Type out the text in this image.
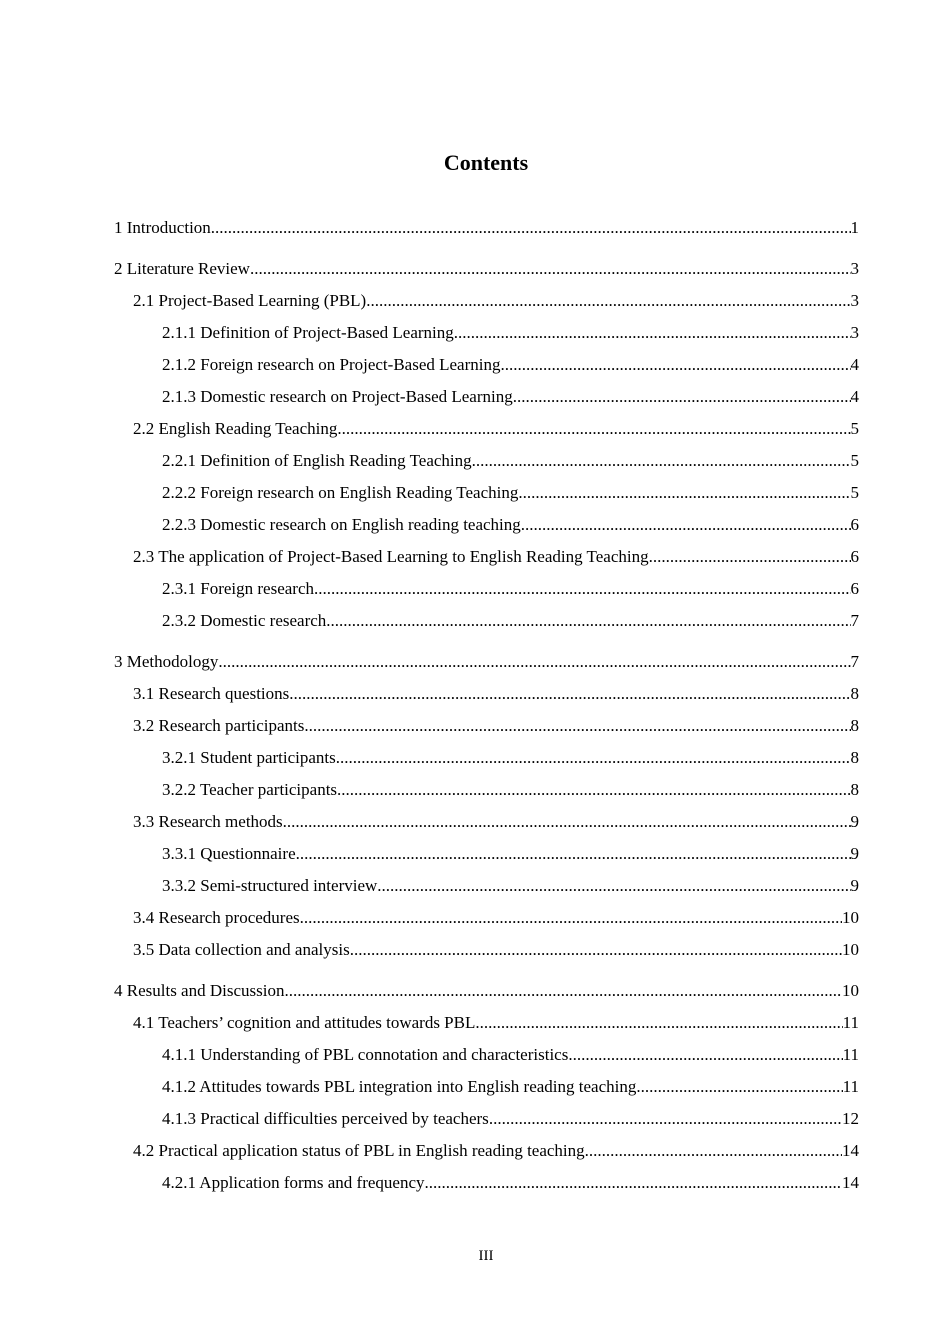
Contents
1 Introduction .....	1
2 Literature Review .....	3
2.1 Project-Based Learning (PBL) .....	3
2.1.1 Definition of Project-Based Learning .....	3
2.1.2 Foreign research on Project-Based Learning .....	4
2.1.3 Domestic research on Project-Based Learning .....	4
2.2 English Reading Teaching .....	5
2.2.1 Definition of English Reading Teaching .....	5
2.2.2 Foreign research on English Reading Teaching .....	5
2.2.3 Domestic research on English reading teaching .....	6
2.3 The application of Project-Based Learning to English Reading Teaching .....	6
2.3.1 Foreign research .....	6
2.3.2 Domestic research .....	7
3 Methodology .....	7
3.1 Research questions .....	8
3.2 Research participants .....	8
3.2.1 Student participants .....	8
3.2.2 Teacher participants .....	8
3.3 Research methods .....	9
3.3.1 Questionnaire .....	9
3.3.2 Semi-structured interview .....	9
3.4 Research procedures .....	10
3.5 Data collection and analysis .....	10
4 Results and Discussion .....	10
4.1 Teachers’ cognition and attitudes towards PBL .....	11
4.1.1 Understanding of PBL connotation and characteristics .....	11
4.1.2 Attitudes towards PBL integration into English reading teaching .....	11
4.1.3 Practical difficulties perceived by teachers .....	12
4.2 Practical application status of PBL in English reading teaching .....	14
4.2.1 Application forms and frequency .....	14
III
